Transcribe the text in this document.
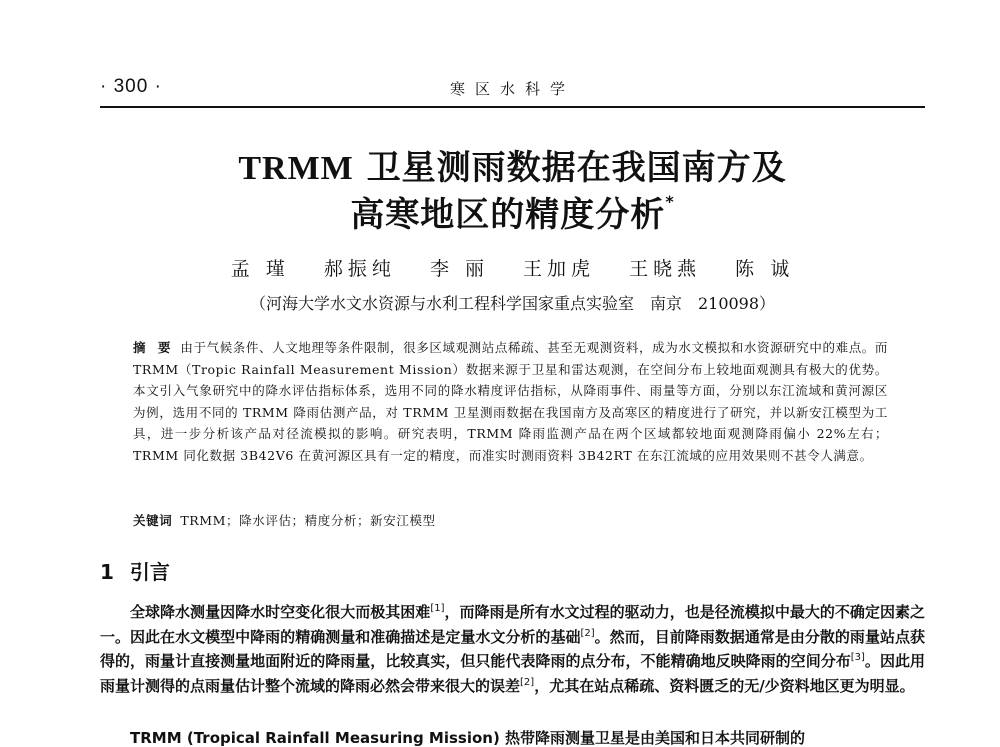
· 300 ·	寒区水科学
TRMM 卫星测雨数据在我国南方及
高寒地区的精度分析*
孟 瑾 郝振纯 李 丽 王加虎 王晓燕 陈 诚
（河海大学水文水资源与水利工程科学国家重点实验室　南京　210098）
摘 要 由于气候条件、人文地理等条件限制，很多区域观测站点稀疏、甚至无观测资料，成为水文模拟和水资源研究中的难点。而 TRMM（Tropic Rainfall Measurement Mission）数据来源于卫星和雷达观测，在空间分布上较地面观测具有极大的优势。本文引入气象研究中的降水评估指标体系，选用不同的降水精度评估指标，从降雨事件、雨量等方面，分别以东江流域和黄河源区为例，选用不同的 TRMM 降雨估测产品，对 TRMM 卫星测雨数据在我国南方及高寒区的精度进行了研究，并以新安江模型为工具，进一步分析该产品对径流模拟的影响。研究表明，TRMM 降雨监测产品在两个区域都较地面观测降雨偏小 22%左右；TRMM 同化数据 3B42V6 在黄河源区具有一定的精度，而准实时测雨资料 3B42RT 在东江流域的应用效果则不甚令人满意。
关键词 TRMM；降水评估；精度分析；新安江模型
1 引言

全球降水测量因降水时空变化很大而极其困难[1]，而降雨是所有水文过程的驱动力，也是径流模拟中最大的不确定因素之一。因此在水文模型中降雨的精确测量和准确描述是定量水文分析的基础[2]。然而，目前降雨数据通常是由分散的雨量站点获得的，雨量计直接测量地面附近的降雨量，比较真实，但只能代表降雨的点分布，不能精确地反映降雨的空间分布[3]。因此用雨量计测得的点雨量估计整个流域的降雨必然会带来很大的误差[2]，尤其在站点稀疏、资料匮乏的无/少资料地区更为明显。

TRMM (Tropical Rainfall Measuring Mission) 热带降雨测量卫星是由美国和日本共同研制的
